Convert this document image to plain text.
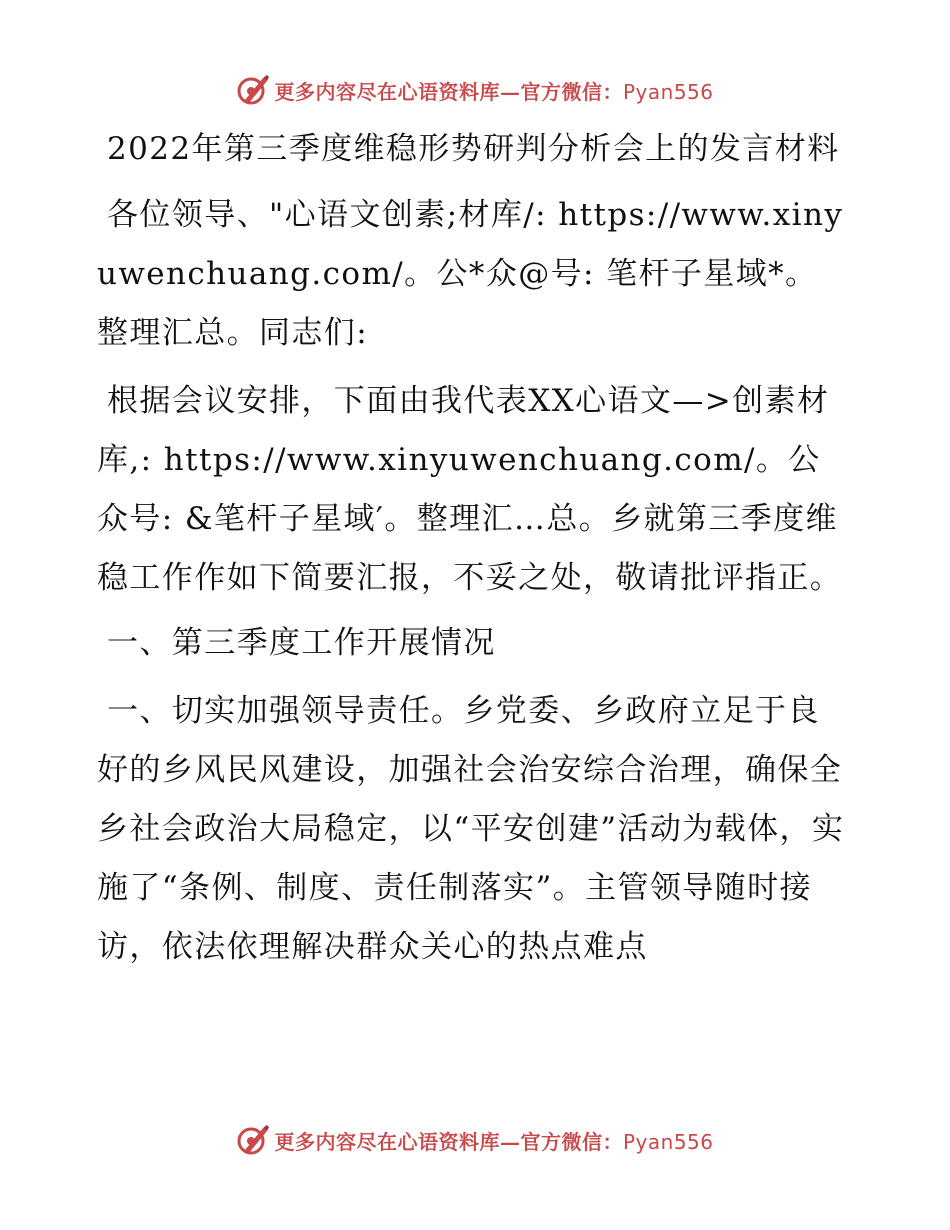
更多内容尽在心语资料库—官方微信：Pyan556

2022年第三季度维稳形势研判分析会上的发言材料

各位领导、"心语文创素;材库/: https://www.xinyuwenchuang.com/。公*众@号: 笔杆子星域*。整理汇总。同志们:

根据会议安排，下面由我代表XX心语文—>创素材库,: https://www.xinyuwenchuang.com/。公众号: &笔杆子星域′。整理汇…总。乡就第三季度维稳工作作如下简要汇报，不妥之处，敬请批评指正。

一、第三季度工作开展情况

一、切实加强领导责任。乡党委、乡政府立足于良好的乡风民风建设，加强社会治安综合治理，确保全乡社会政治大局稳定，以“平安创建”活动为载体，实施了“条例、制度、责任制落实”。主管领导随时接访，依法依理解决群众关心的热点难点

更多内容尽在心语资料库—官方微信：Pyan556
